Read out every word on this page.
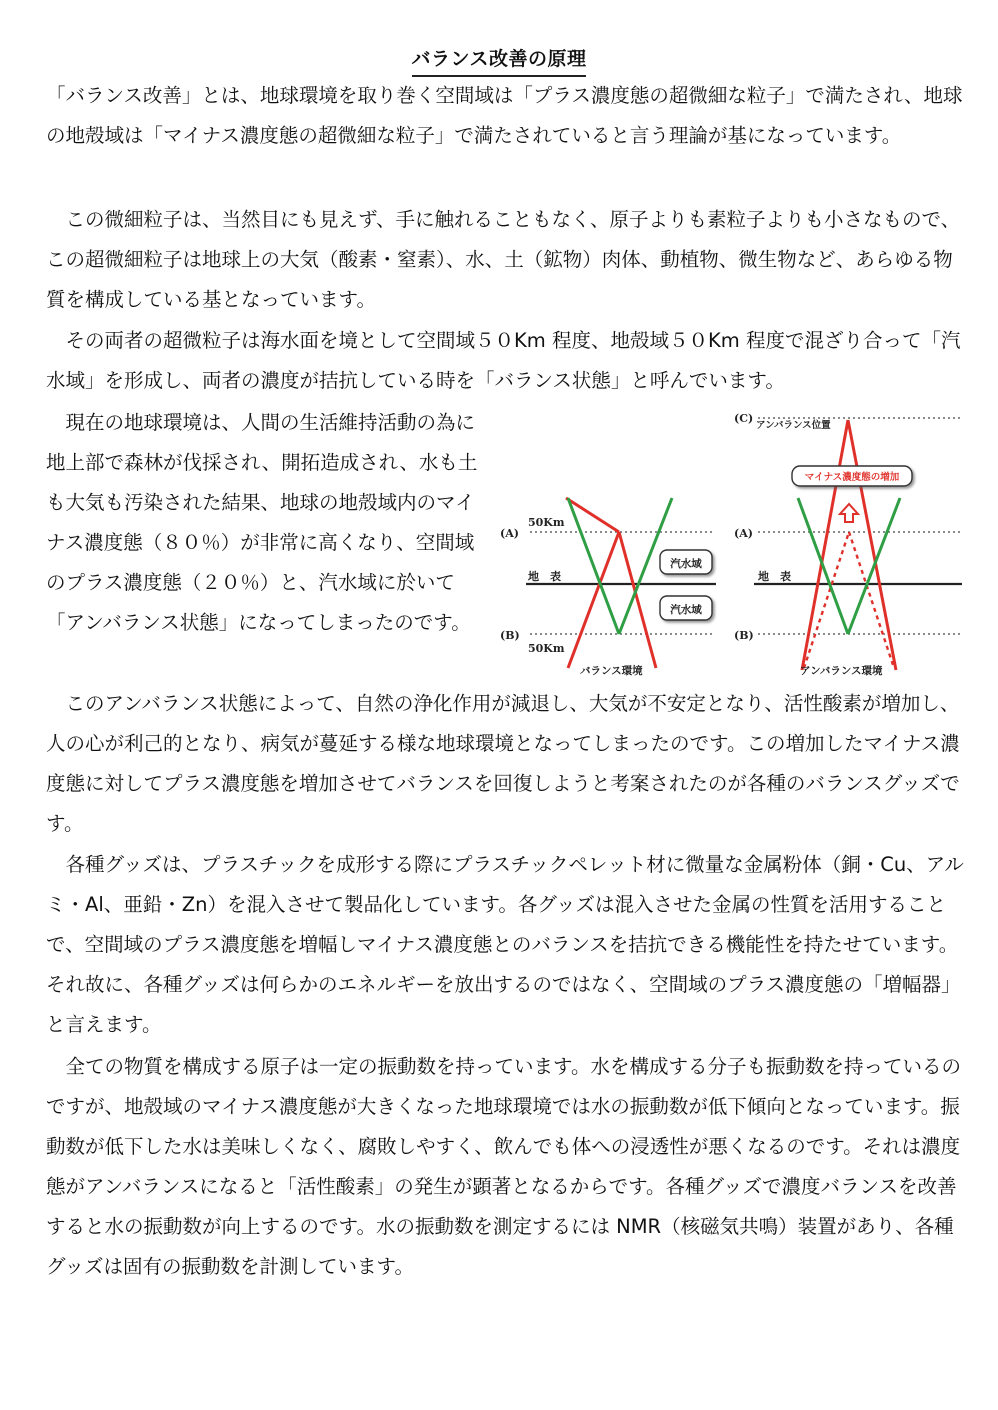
バランス改善の原理

「バランス改善」とは、地球環境を取り巻く空間域は「プラス濃度態の超微細な粒子」で満たされ、地球の地殻域は「マイナス濃度態の超微細な粒子」で満たされていると言う理論が基になっています。

　この微細粒子は、当然目にも見えず、手に触れることもなく、原子よりも素粒子よりも小さなもので、この超微細粒子は地球上の大気（酸素・窒素）、水、土（鉱物）肉体、動植物、微生物など、あらゆる物質を構成している基となっています。

　その両者の超微粒子は海水面を境として空間域５０Km 程度、地殻域５０Km 程度で混ざり合って「汽水域」を形成し、両者の濃度が拮抗している時を「バランス状態」と呼んでいます。

　現在の地球環境は、人間の生活維持活動の為に地上部で森林が伐採され、開拓造成され、水も土も大気も汚染された結果、地球の地殻域内のマイナス濃度態（８０％）が非常に高くなり、空間域のプラス濃度態（２０％）と、汽水域に於いて「アンバランス状態」になってしまったのです。

(A)
50Km
地　表
(B)
50Km
バランス環境
汽水域
汽水域
(C)
アンバランス位置
(A)
地　表
(B)
アンバランス環境
マイナス濃度態の増加

　このアンバランス状態によって、自然の浄化作用が減退し、大気が不安定となり、活性酸素が増加し、人の心が利己的となり、病気が蔓延する様な地球環境となってしまったのです。この増加したマイナス濃度態に対してプラス濃度態を増加させてバランスを回復しようと考案されたのが各種のバランスグッズです。

　各種グッズは、プラスチックを成形する際にプラスチックペレット材に微量な金属粉体（銅・Cu、アルミ・Al、亜鉛・Zn）を混入させて製品化しています。各グッズは混入させた金属の性質を活用することで、空間域のプラス濃度態を増幅しマイナス濃度態とのバランスを拮抗できる機能性を持たせています。それ故に、各種グッズは何らかのエネルギーを放出するのではなく、空間域のプラス濃度態の「増幅器」と言えます。

　全ての物質を構成する原子は一定の振動数を持っています。水を構成する分子も振動数を持っているのですが、地殻域のマイナス濃度態が大きくなった地球環境では水の振動数が低下傾向となっています。振動数が低下した水は美味しくなく、腐敗しやすく、飲んでも体への浸透性が悪くなるのです。それは濃度態がアンバランスになると「活性酸素」の発生が顕著となるからです。各種グッズで濃度バランスを改善すると水の振動数が向上するのです。水の振動数を測定するには NMR（核磁気共鳴）装置があり、各種グッズは固有の振動数を計測しています。
